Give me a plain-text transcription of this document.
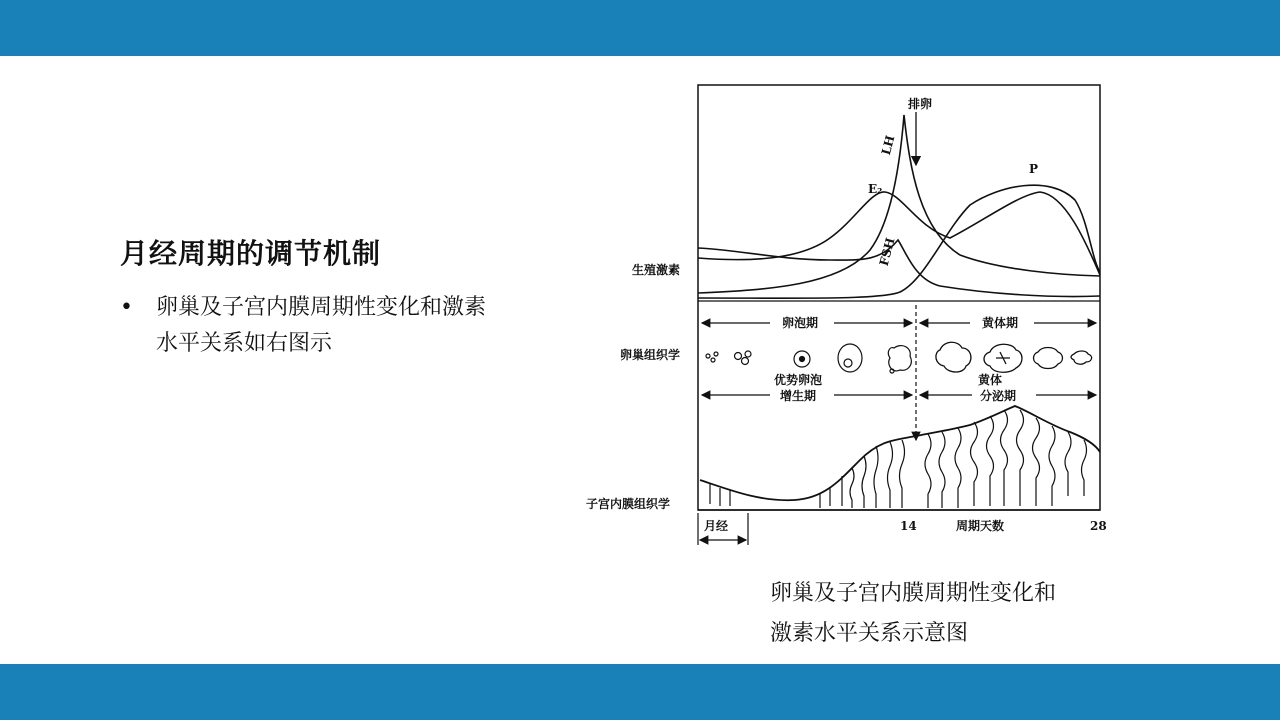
月经周期的调节机制
• 卵巢及子宫内膜周期性变化和激素水平关系如右图示
排卵
LH
E₂
FSH
P
生殖激素
卵泡期	黄体期
卵巢组织学
优势卵泡	黄体
增生期	分泌期
子宫内膜组织学
月经	14	周期天数	28
卵巢及子宫内膜周期性变化和激素水平关系示意图
